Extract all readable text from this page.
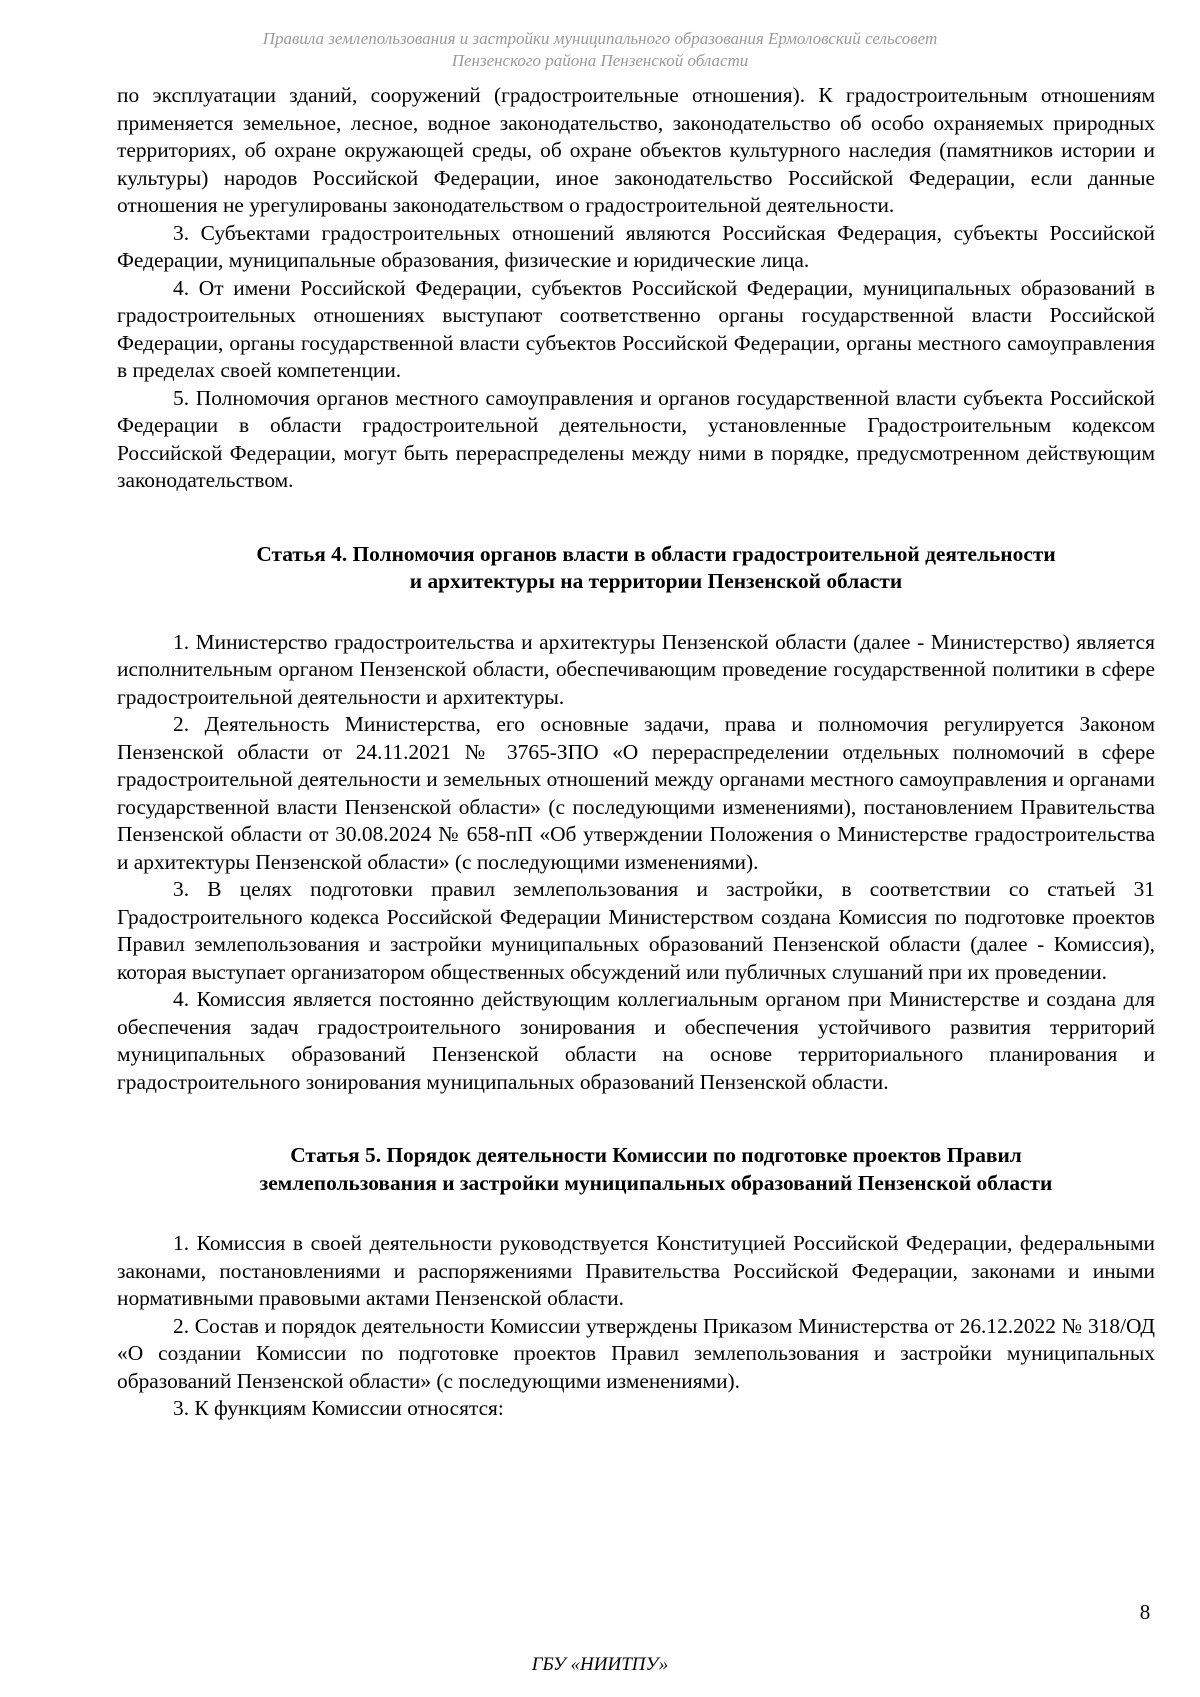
Правила землепользования и застройки муниципального образования Ермоловский сельсовет
Пензенского района Пензенской области

по эксплуатации зданий, сооружений (градостроительные отношения). К градостроительным отношениям применяется земельное, лесное, водное законодательство, законодательство об особо охраняемых природных территориях, об охране окружающей среды, об охране объектов культурного наследия (памятников истории и культуры) народов Российской Федерации, иное законодательство Российской Федерации, если данные отношения не урегулированы законодательством о градостроительной деятельности.

3. Субъектами градостроительных отношений являются Российская Федерация, субъекты Российской Федерации, муниципальные образования, физические и юридические лица.

4. От имени Российской Федерации, субъектов Российской Федерации, муниципальных образований в градостроительных отношениях выступают соответственно органы государственной власти Российской Федерации, органы государственной власти субъектов Российской Федерации, органы местного самоуправления в пределах своей компетенции.

5. Полномочия органов местного самоуправления и органов государственной власти субъекта Российской Федерации в области градостроительной деятельности, установленные Градостроительным кодексом Российской Федерации, могут быть перераспределены между ними в порядке, предусмотренном действующим законодательством.

Статья 4. Полномочия органов власти в области градостроительной деятельности
и архитектуры на территории Пензенской области

1. Министерство градостроительства и архитектуры Пензенской области (далее - Министерство) является исполнительным органом Пензенской области, обеспечивающим проведение государственной политики в сфере градостроительной деятельности и архитектуры.

2. Деятельность Министерства, его основные задачи, права и полномочия регулируется Законом Пензенской области от 24.11.2021 № 3765-ЗПО «О перераспределении отдельных полномочий в сфере градостроительной деятельности и земельных отношений между органами местного самоуправления и органами государственной власти Пензенской области» (с последующими изменениями), постановлением Правительства Пензенской области от 30.08.2024 № 658-пП «Об утверждении Положения о Министерстве градостроительства и архитектуры Пензенской области» (с последующими изменениями).

3. В целях подготовки правил землепользования и застройки, в соответствии со статьей 31 Градостроительного кодекса Российской Федерации Министерством создана Комиссия по подготовке проектов Правил землепользования и застройки муниципальных образований Пензенской области (далее - Комиссия), которая выступает организатором общественных обсуждений или публичных слушаний при их проведении.

4. Комиссия является постоянно действующим коллегиальным органом при Министерстве и создана для обеспечения задач градостроительного зонирования и обеспечения устойчивого развития территорий муниципальных образований Пензенской области на основе территориального планирования и градостроительного зонирования муниципальных образований Пензенской области.

Статья 5. Порядок деятельности Комиссии по подготовке проектов Правил
землепользования и застройки муниципальных образований Пензенской области

1. Комиссия в своей деятельности руководствуется Конституцией Российской Федерации, федеральными законами, постановлениями и распоряжениями Правительства Российской Федерации, законами и иными нормативными правовыми актами Пензенской области.

2. Состав и порядок деятельности Комиссии утверждены Приказом Министерства от 26.12.2022 № 318/ОД «О создании Комиссии по подготовке проектов Правил землепользования и застройки муниципальных образований Пензенской области» (с последующими изменениями).

3. К функциям Комиссии относятся:

8
ГБУ «НИИТПУ»
